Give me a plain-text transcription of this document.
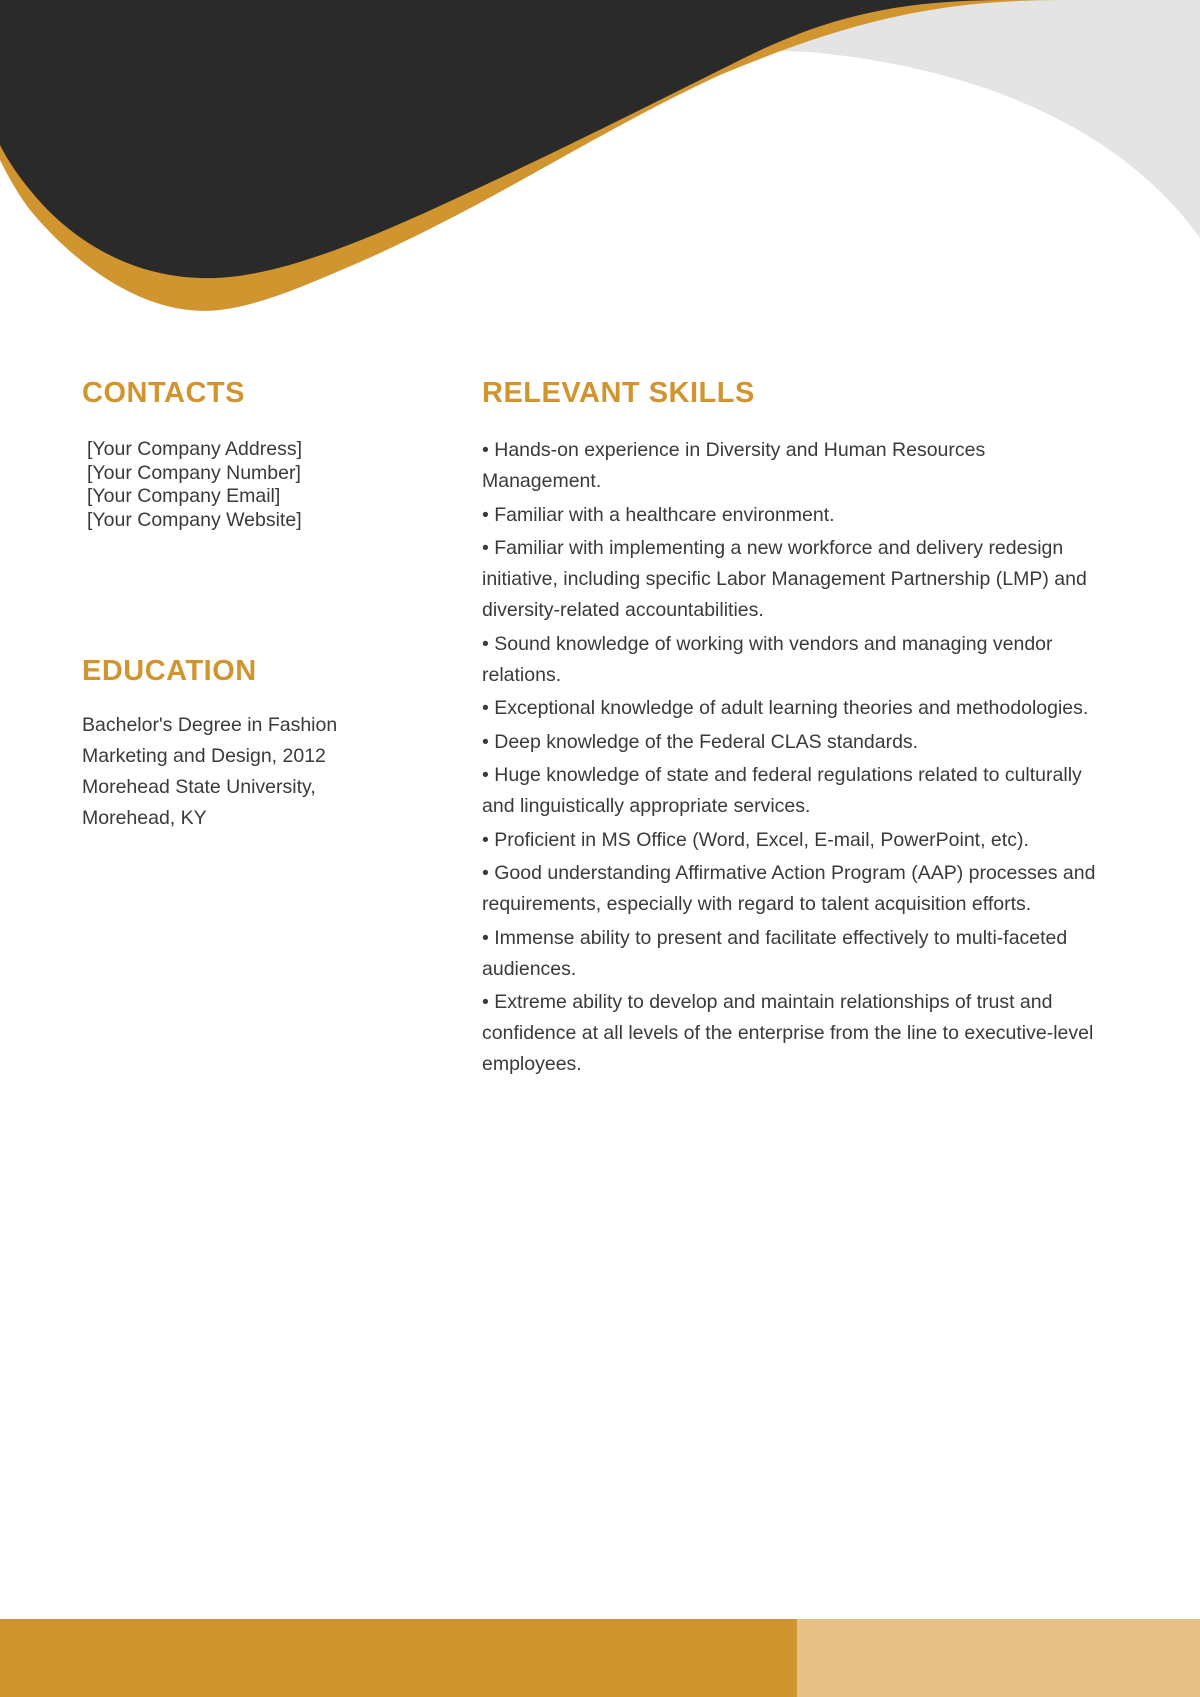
CONTACTS
[Your Company Address]
[Your Company Number]
[Your Company Email]
[Your Company Website]
EDUCATION

Bachelor's Degree in Fashion Marketing and Design, 2012

Morehead State University, Morehead, KY

RELEVANT SKILLS
• Hands-on experience in Diversity and Human Resources Management.
• Familiar with a healthcare environment.
• Familiar with implementing a new workforce and delivery redesign initiative, including specific Labor Management Partnership (LMP) and diversity-related accountabilities.
• Sound knowledge of working with vendors and managing vendor relations.
• Exceptional knowledge of adult learning theories and methodologies.
• Deep knowledge of the Federal CLAS standards.
• Huge knowledge of state and federal regulations related to culturally and linguistically appropriate services.
• Proficient in MS Office (Word, Excel, E-mail, PowerPoint, etc).
• Good understanding Affirmative Action Program (AAP) processes and requirements, especially with regard to talent acquisition efforts.
• Immense ability to present and facilitate effectively to multi-faceted audiences.
• Extreme ability to develop and maintain relationships of trust and confidence at all levels of the enterprise from the line to executive-level employees.
